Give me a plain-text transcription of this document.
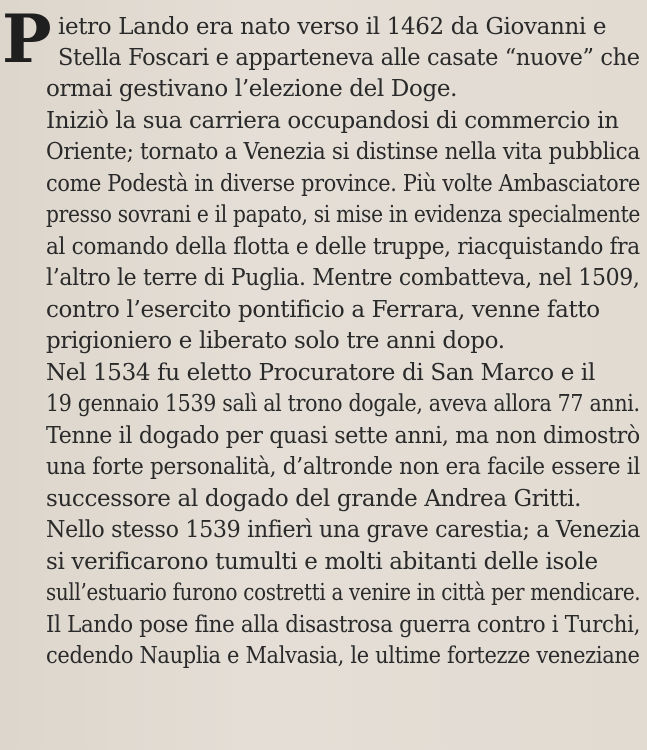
P ietro Lando era nato verso il 1462 da Giovanni e
Stella Foscari e apparteneva alle casate “nuove” che
ormai gestivano l’elezione del Doge.
Iniziò la sua carriera occupandosi di commercio in
Oriente; tornato a Venezia si distinse nella vita pubblica
come Podestà in diverse province. Più volte Ambasciatore
presso sovrani e il papato, si mise in evidenza specialmente
al comando della flotta e delle truppe, riacquistando fra
l’altro le terre di Puglia. Mentre combatteva, nel 1509,
contro l’esercito pontificio a Ferrara, venne fatto
prigioniero e liberato solo tre anni dopo.
Nel 1534 fu eletto Procuratore di San Marco e il
19 gennaio 1539 salì al trono dogale, aveva allora 77 anni.
Tenne il dogado per quasi sette anni, ma non dimostrò
una forte personalità, d’altronde non era facile essere il
successore al dogado del grande Andrea Gritti.
Nello stesso 1539 infierì una grave carestia; a Venezia
si verificarono tumulti e molti abitanti delle isole
sull’estuario furono costretti a venire in città per mendicare.
Il Lando pose fine alla disastrosa guerra contro i Turchi,
cedendo Nauplia e Malvasia, le ultime fortezze veneziane
